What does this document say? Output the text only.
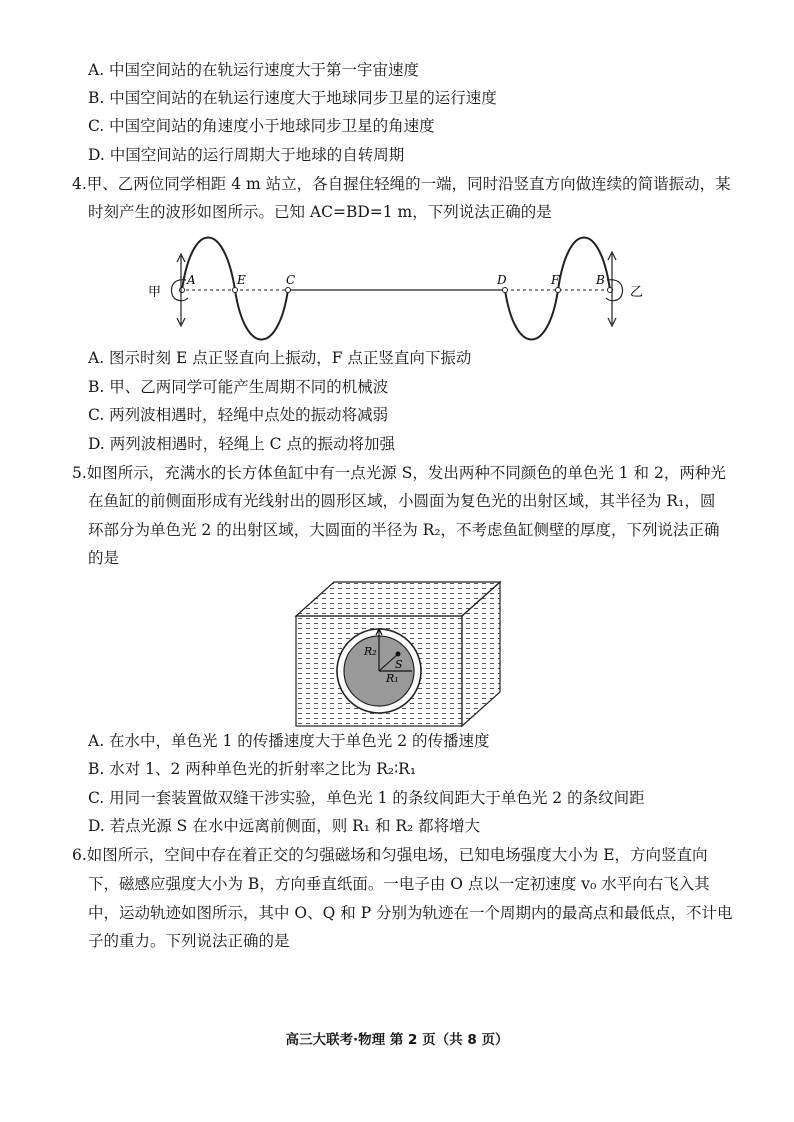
A. 中国空间站的在轨运行速度大于第一宇宙速度
B. 中国空间站的在轨运行速度大于地球同步卫星的运行速度
C. 中国空间站的角速度小于地球同步卫星的角速度
D. 中国空间站的运行周期大于地球的自转周期
4.甲、乙两位同学相距 4 m 站立，各自握住轻绳的一端，同时沿竖直方向做连续的简谐振动，某
时刻产生的波形如图所示。已知 AC=BD=1 m，下列说法正确的是
甲
A	E	C	D	F	B
乙
A. 图示时刻 E 点正竖直向上振动，F 点正竖直向下振动
B. 甲、乙两同学可能产生周期不同的机械波
C. 两列波相遇时，轻绳中点处的振动将减弱
D. 两列波相遇时，轻绳上 C 点的振动将加强
5.如图所示，充满水的长方体鱼缸中有一点光源 S，发出两种不同颜色的单色光 1 和 2，两种光
在鱼缸的前侧面形成有光线射出的圆形区域，小圆面为复色光的出射区域，其半径为 R₁，圆
环部分为单色光 2 的出射区域，大圆面的半径为 R₂，不考虑鱼缸侧壁的厚度，下列说法正确
的是
R₂
S
R₁
A. 在水中，单色光 1 的传播速度大于单色光 2 的传播速度
B. 水对 1、2 两种单色光的折射率之比为 R₂∶R₁
C. 用同一套装置做双缝干涉实验，单色光 1 的条纹间距大于单色光 2 的条纹间距
D. 若点光源 S 在水中远离前侧面，则 R₁ 和 R₂ 都将增大
6.如图所示，空间中存在着正交的匀强磁场和匀强电场，已知电场强度大小为 E，方向竖直向
下，磁感应强度大小为 B，方向垂直纸面。一电子由 O 点以一定初速度 v₀ 水平向右飞入其
中，运动轨迹如图所示，其中 O、Q 和 P 分别为轨迹在一个周期内的最高点和最低点，不计电
子的重力。下列说法正确的是
高三大联考·物理 第 2 页（共 8 页）
